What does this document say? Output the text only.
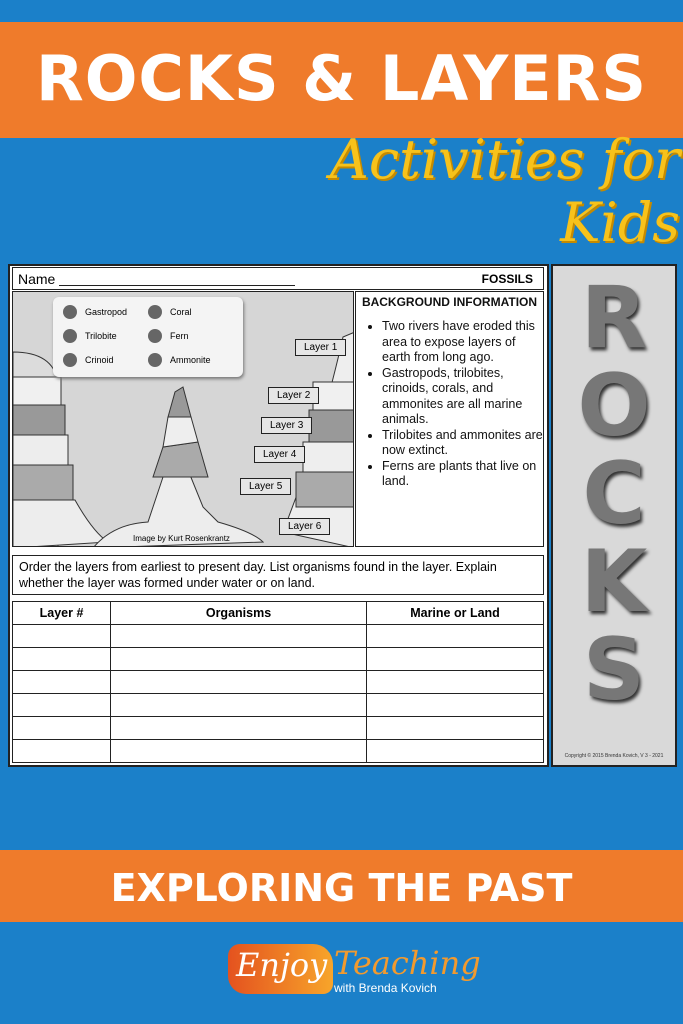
ROCKS & LAYERS
Activities for Kids
Name	FOSSILS
Gastropod	Coral
Trilobite	Fern
Crinoid	Ammonite
Layer 1
Layer 2
Layer 3
Layer 4
Layer 5
Layer 6
Image by Kurt Rosenkrantz
BACKGROUND INFORMATION
• Two rivers have eroded this area to expose layers of earth from long ago.
• Gastropods, trilobites, crinoids, corals, and ammonites are all marine animals.
• Trilobites and ammonites are now extinct.
• Ferns are plants that live on land.
Order the layers from earliest to present day. List organisms found in the layer. Explain whether the layer was formed under water or on land.
Layer #	Organisms	Marine or Land

R
O
C
K
S
Copyright © 2015 Brenda Kovich, V 3 - 2021
EXPLORING THE PAST
Enjoy Teaching
with Brenda Kovich
